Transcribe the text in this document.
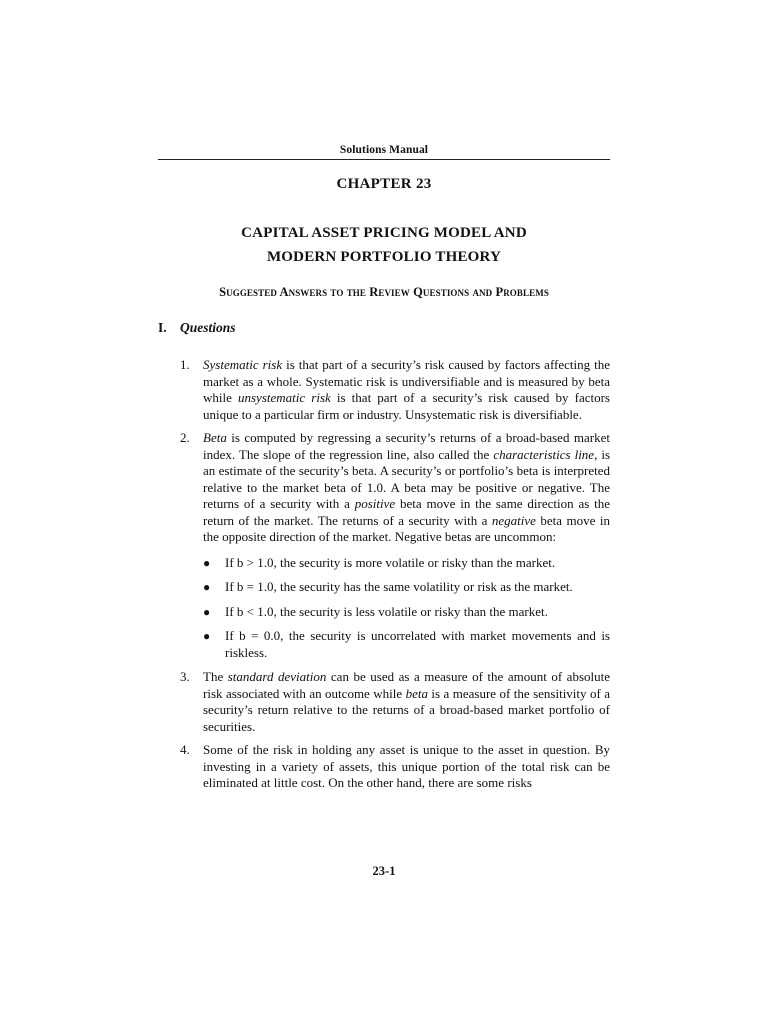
Solutions Manual
CHAPTER 23
CAPITAL ASSET PRICING MODEL AND
MODERN PORTFOLIO THEORY
Suggested Answers to the Review Questions and Problems
I. Questions
1. Systematic risk is that part of a security’s risk caused by factors affecting the market as a whole. Systematic risk is undiversifiable and is measured by beta while unsystematic risk is that part of a security’s risk caused by factors unique to a particular firm or industry. Unsystematic risk is diversifiable.

2. Beta is computed by regressing a security’s returns of a broad-based market index. The slope of the regression line, also called the characteristics line, is an estimate of the security’s beta. A security’s or portfolio’s beta is interpreted relative to the market beta of 1.0. A beta may be positive or negative. The returns of a security with a positive beta move in the same direction as the return of the market. The returns of a security with a negative beta move in the opposite direction of the market. Negative betas are uncommon:

● If b > 1.0, the security is more volatile or risky than the market.
● If b = 1.0, the security has the same volatility or risk as the market.
● If b < 1.0, the security is less volatile or risky than the market.
● If b = 0.0, the security is uncorrelated with market movements and is riskless.
3. The standard deviation can be used as a measure of the amount of absolute risk associated with an outcome while beta is a measure of the sensitivity of a security’s return relative to the returns of a broad-based market portfolio of securities.

4. Some of the risk in holding any asset is unique to the asset in question. By investing in a variety of assets, this unique portion of the total risk can be eliminated at little cost. On the other hand, there are some risks

23-1
